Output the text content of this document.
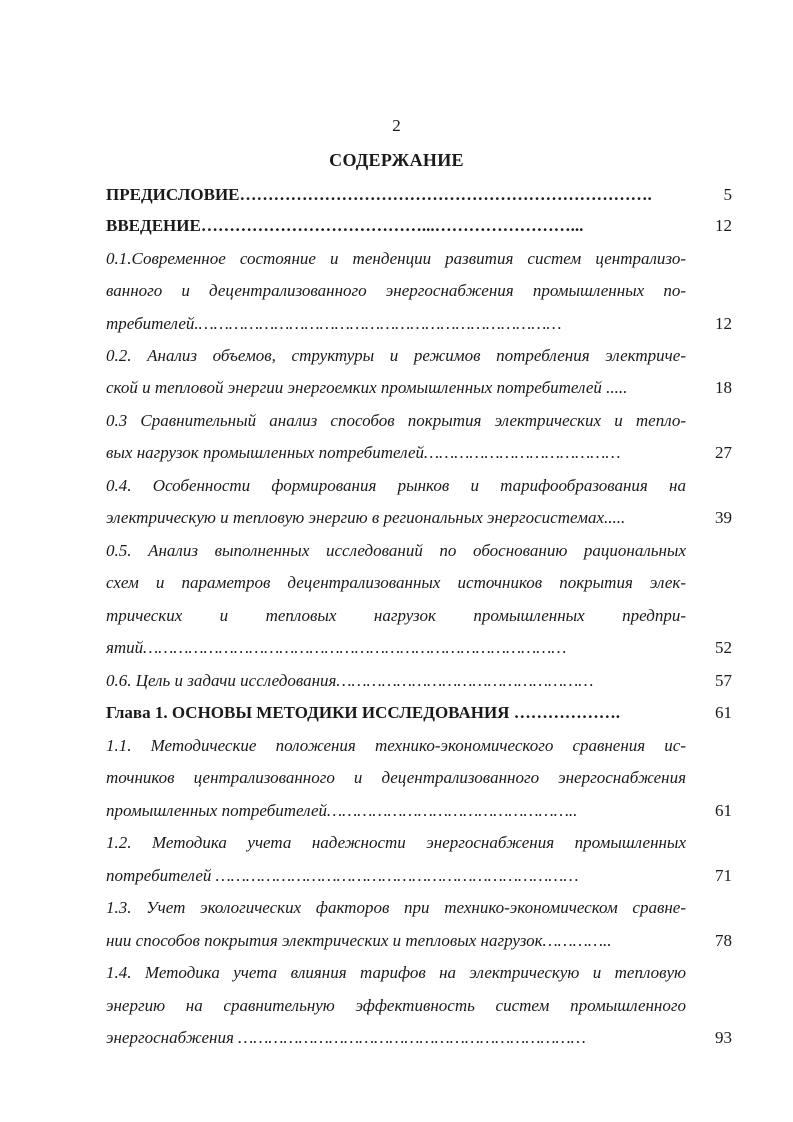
2
СОДЕРЖАНИЕ
ПРЕДИСЛОВИЕ……………………………………………………………….	5
ВВЕДЕНИЕ…………………………………...……………………...	12
0.1.Современное состояние и тенденции развития систем централизо-
ванного и децентрализованного энергоснабжения промышленных по-
требителей.………………………………………………………………	12
0.2. Анализ объемов, структуры и режимов потребления электриче-
ской и тепловой энергии энергоемких промышленных потребителей .....	18
0.3 Сравнительный анализ способов покрытия электрических и тепло-
вых нагрузок промышленных потребителей…………………………………	27
0.4. Особенности формирования рынков и тарифообразования на
электрическую и тепловую энергию в региональных энергосистемах.....	39
0.5. Анализ выполненных исследований по обоснованию рациональных
схем и параметров децентрализованных источников покрытия элек-
трических и тепловых нагрузок промышленных предпри-
ятий…………………………………………………………………………	52
0.6. Цель и задачи исследования……………………………………………	57
Глава 1. ОСНОВЫ МЕТОДИКИ ИССЛЕДОВАНИЯ ……………….	61
1.1. Методические положения технико-экономического сравнения ис-
точников централизованного и децентрализованного энергоснабжения
промышленных потребителей…………………………………………..	61
1.2. Методика учета надежности энергоснабжения промышленных
потребителей ………………………………………………………………	71
1.3. Учет экологических факторов при технико-экономическом сравне-
нии способов покрытия электрических и тепловых нагрузок…………..	78
1.4. Методика учета влияния тарифов на электрическую и тепловую
энергию на сравнительную эффективность систем промышленного
энергоснабжения ……………………………………………………………	93
